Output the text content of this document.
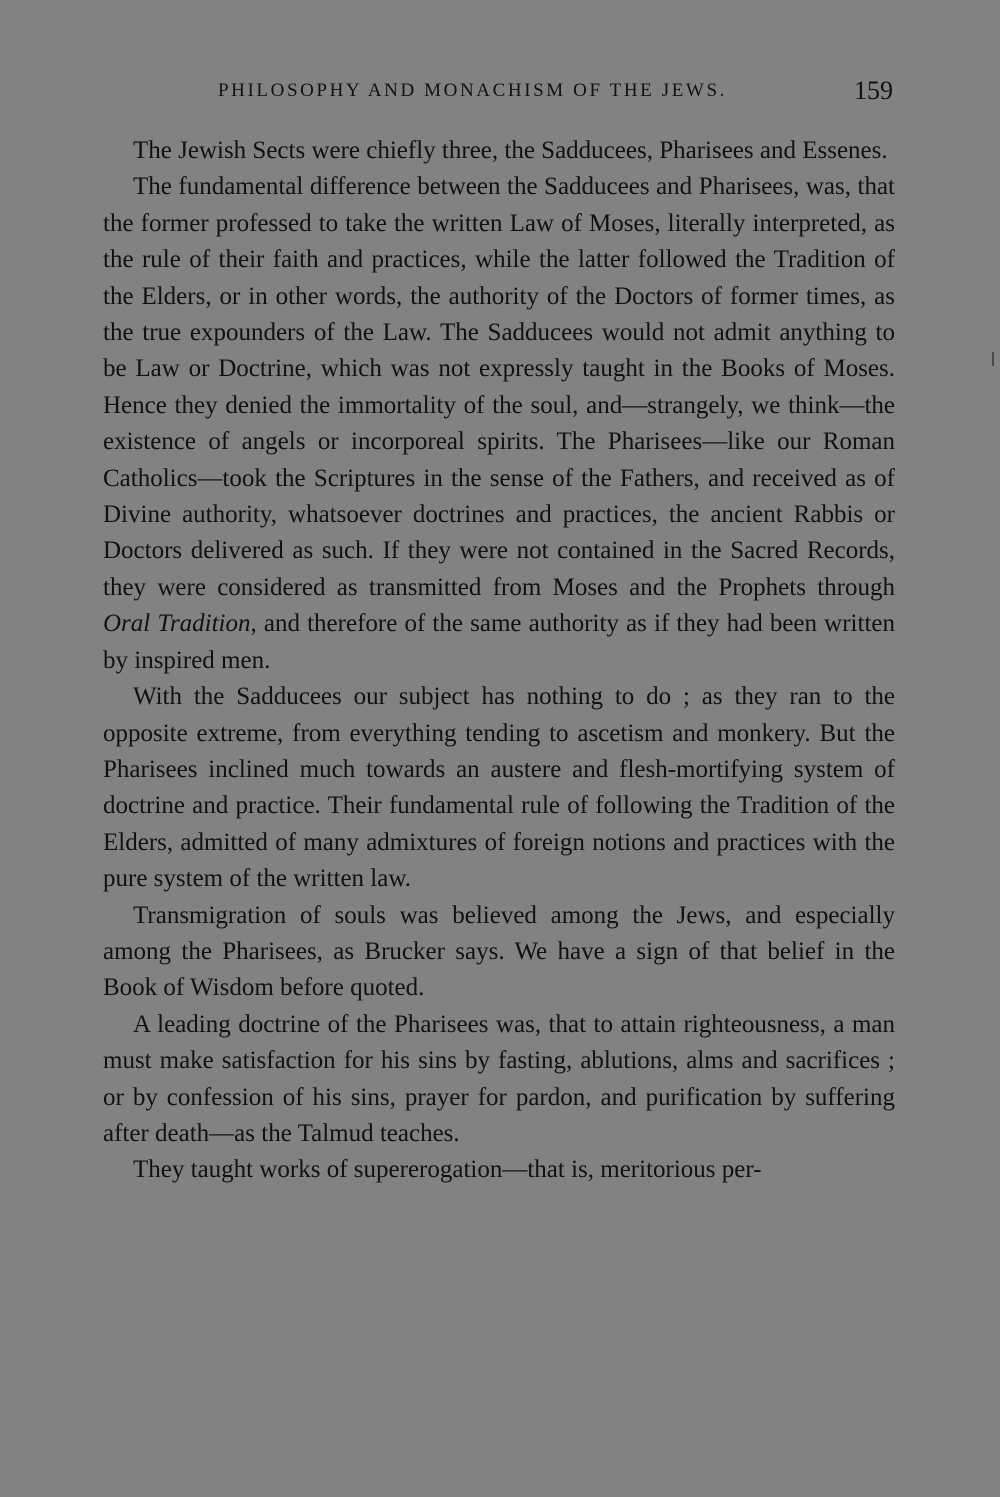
PHILOSOPHY AND MONACHISM OF THE JEWS.	159

The Jewish Sects were chiefly three, the Sadducees, Pharisees and Essenes.

The fundamental difference between the Sadducees and Pharisees, was, that the former professed to take the written Law of Moses, literally interpreted, as the rule of their faith and practices, while the latter followed the Tradition of the Elders, or in other words, the authority of the Doctors of former times, as the true expounders of the Law. The Sadducees would not admit anything to be Law or Doctrine, which was not expressly taught in the Books of Moses. Hence they denied the immortality of the soul, and—strangely, we think—the existence of angels or incorporeal spirits. The Pharisees—like our Roman Catholics—took the Scriptures in the sense of the Fathers, and received as of Divine authority, whatsoever doctrines and practices, the ancient Rabbis or Doctors delivered as such. If they were not contained in the Sacred Records, they were considered as transmitted from Moses and the Prophets through Oral Tradition, and therefore of the same authority as if they had been written by inspired men.

With the Sadducees our subject has nothing to do ; as they ran to the opposite extreme, from everything tending to ascetism and monkery. But the Pharisees inclined much towards an austere and flesh-mortifying system of doctrine and practice. Their fundamental rule of following the Tradition of the Elders, admitted of many admixtures of foreign notions and practices with the pure system of the written law.

Transmigration of souls was believed among the Jews, and especially among the Pharisees, as Brucker says. We have a sign of that belief in the Book of Wisdom before quoted.

A leading doctrine of the Pharisees was, that to attain righteousness, a man must make satisfaction for his sins by fasting, ablutions, alms and sacrifices ; or by confession of his sins, prayer for pardon, and purification by suffering after death—as the Talmud teaches.

They taught works of supererogation—that is, meritorious per-
